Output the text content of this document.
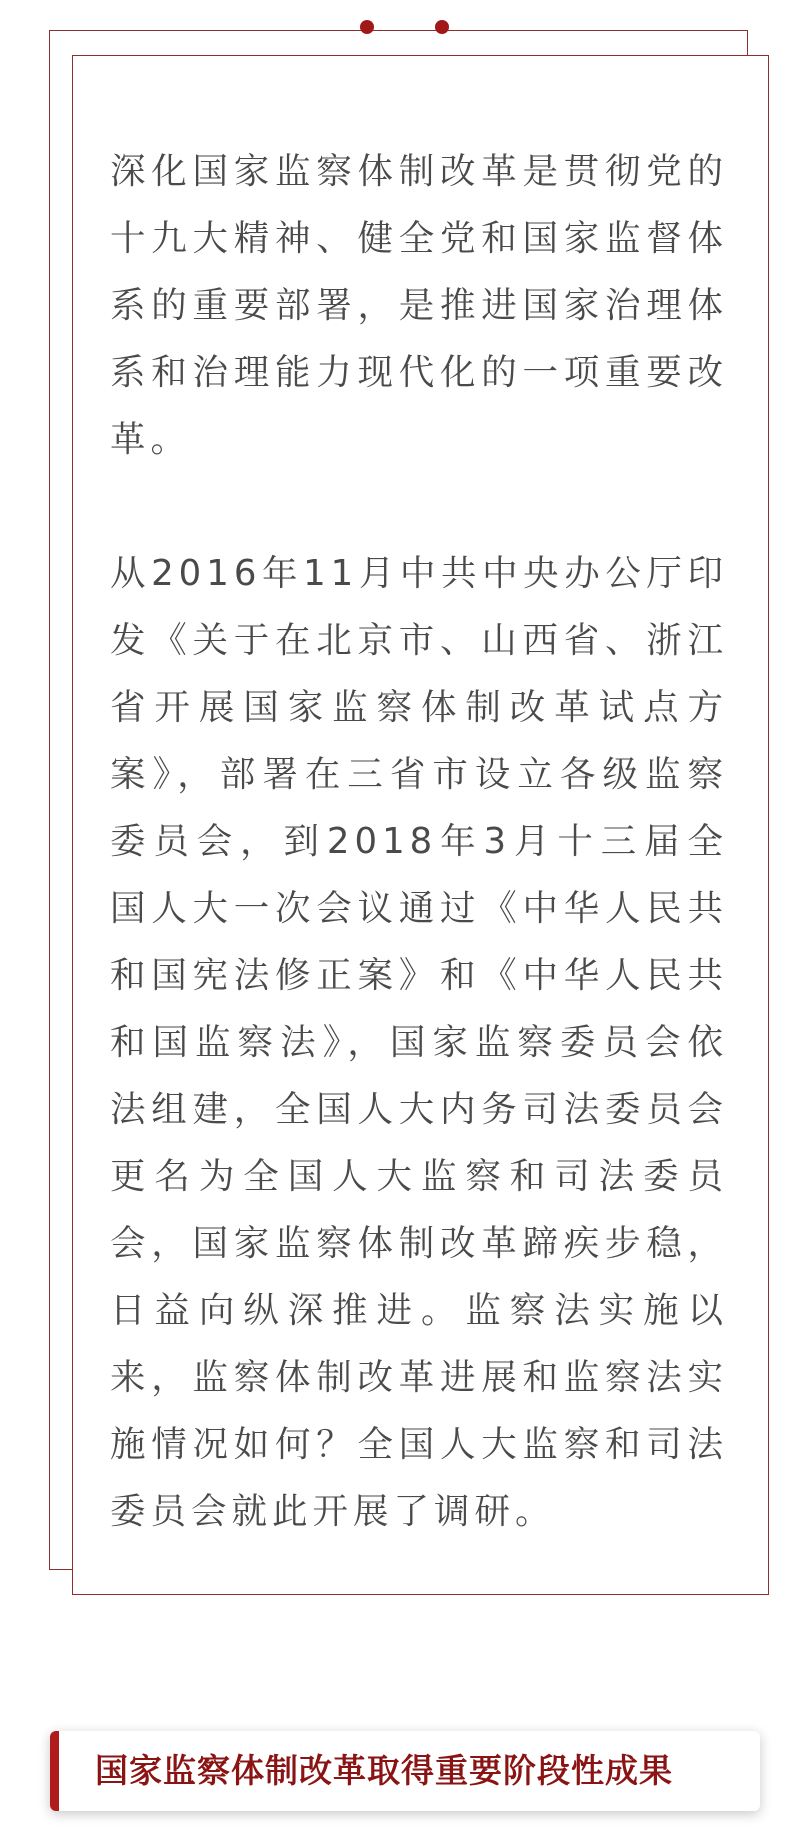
深化国家监察体制改革是贯彻党的十九大精神、健全党和国家监督体系的重要部署，是推进国家治理体系和治理能力现代化的一项重要改革。

从2016年11月中共中央办公厅印发《关于在北京市、山西省、浙江省开展国家监察体制改革试点方案》，部署在三省市设立各级监察委员会，到2018年3月十三届全国人大一次会议通过《中华人民共和国宪法修正案》和《中华人民共和国监察法》，国家监察委员会依法组建，全国人大内务司法委员会更名为全国人大监察和司法委员会，国家监察体制改革蹄疾步稳，日益向纵深推进。监察法实施以来，监察体制改革进展和监察法实施情况如何？全国人大监察和司法委员会就此开展了调研。

国家监察体制改革取得重要阶段性成果
